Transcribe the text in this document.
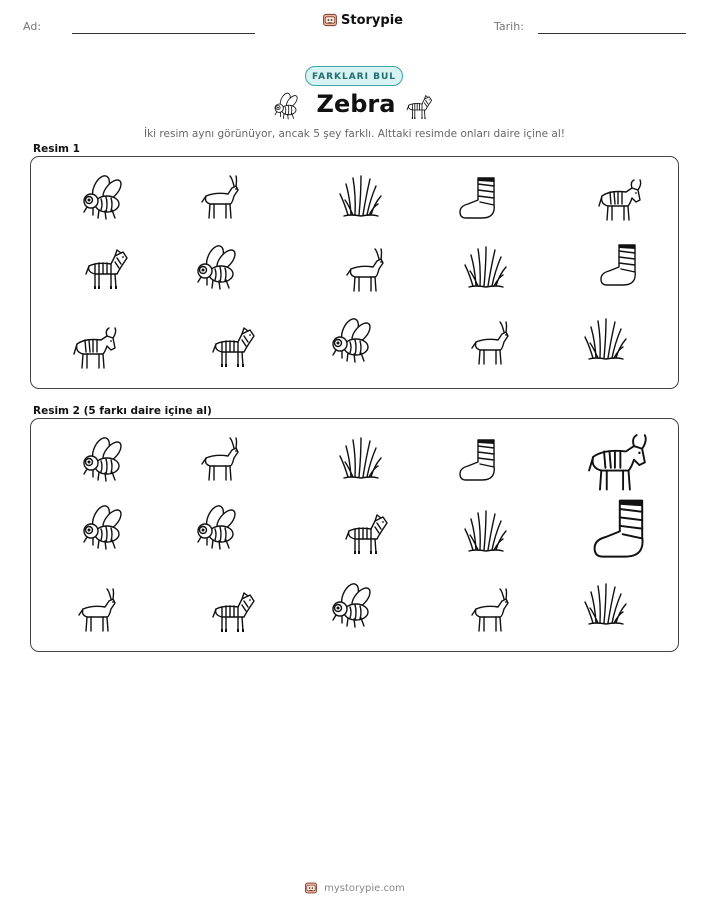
Ad:	Storypie	Tarih:
FARKLARI BUL
Zebra
İki resim aynı görünüyor, ancak 5 şey farklı. Alttaki resimde onları daire içine al!
Resim 1
Resim 2 (5 farkı daire içine al)
mystorypie.com
